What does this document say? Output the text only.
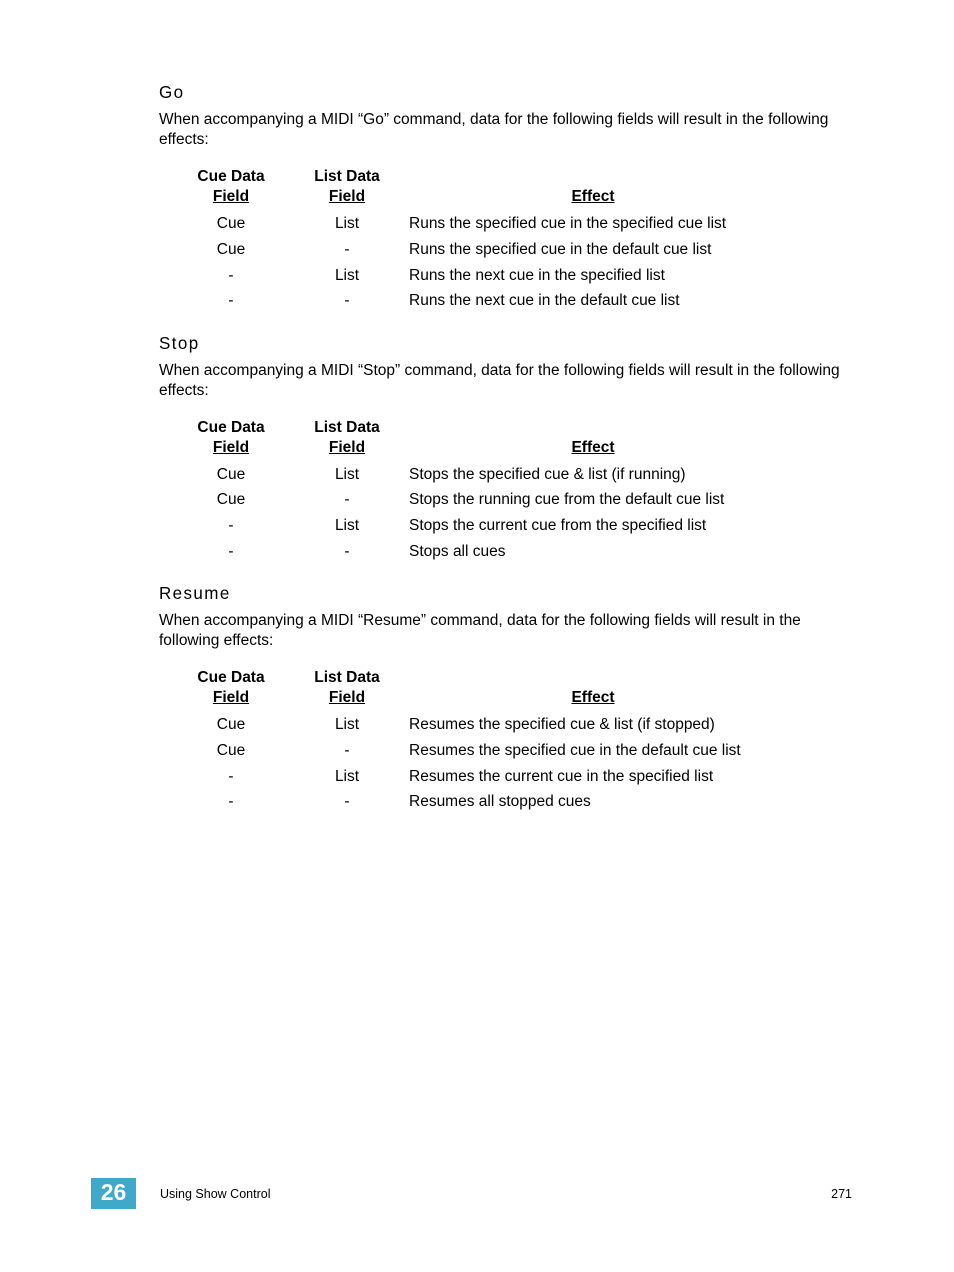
Go
When accompanying a MIDI “Go” command, data for the following fields will result in the following effects:
Cue Data
Field
List Data
Field	Effect
Cue	List	Runs the specified cue in the specified cue list
Cue	-	Runs the specified cue in the default cue list
-	List	Runs the next cue in the specified list
-	-	Runs the next cue in the default cue list
Stop
When accompanying a MIDI “Stop” command, data for the following fields will result in the following effects:
Cue Data
Field
List Data
Field	Effect
Cue	List	Stops the specified cue & list (if running)
Cue	-	Stops the running cue from the default cue list
-	List	Stops the current cue from the specified list
-	-	Stops all cues
Resume
When accompanying a MIDI “Resume” command, data for the following fields will result in the following effects:
Cue Data
Field
List Data
Field	Effect
Cue	List	Resumes the specified cue & list (if stopped)
Cue	-	Resumes the specified cue in the default cue list
-	List	Resumes the current cue in the specified list
-	-	Resumes all stopped cues
26	Using Show Control	271
